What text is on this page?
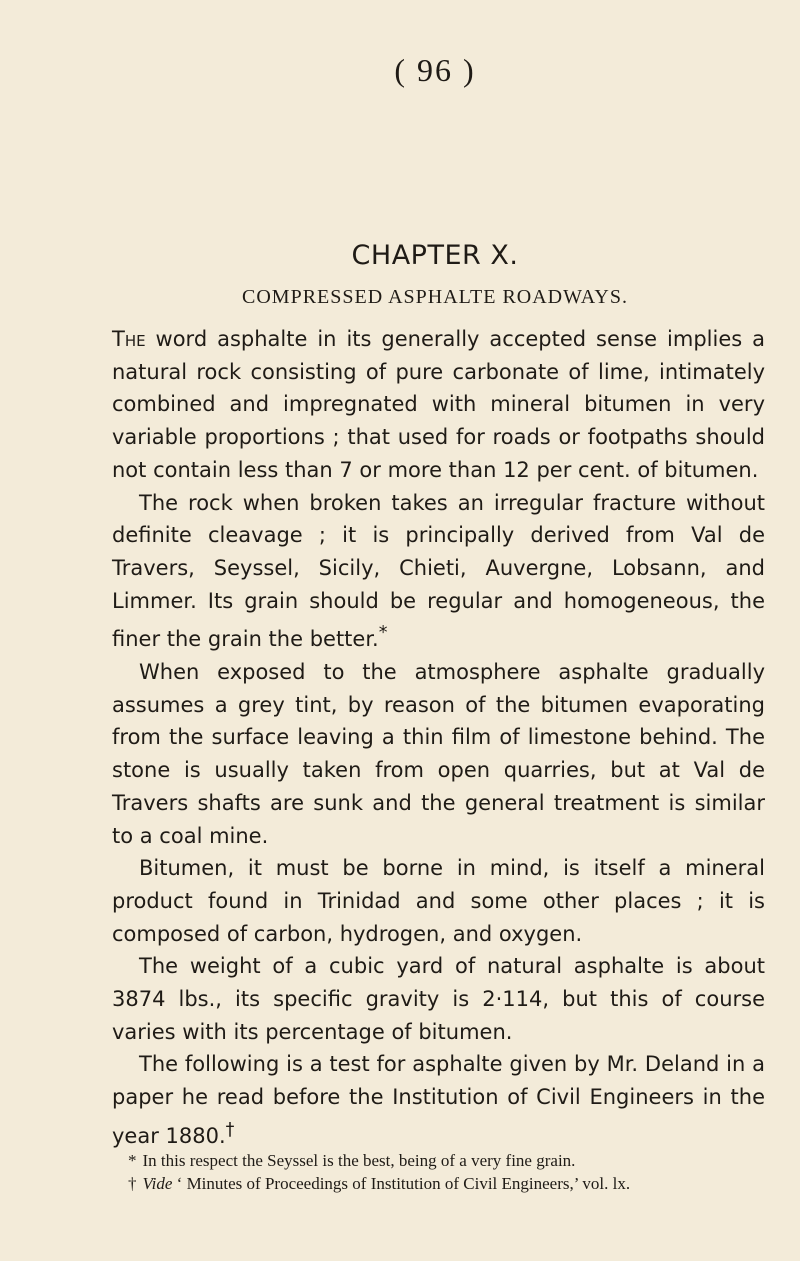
( 96 )
CHAPTER X.
COMPRESSED ASPHALTE ROADWAYS.

The word asphalte in its generally accepted sense implies a natural rock consisting of pure carbonate of lime, intimately combined and impregnated with mineral bitumen in very variable proportions ; that used for roads or footpaths should not contain less than 7 or more than 12 per cent. of bitumen.

The rock when broken takes an irregular fracture without definite cleavage ; it is principally derived from Val de Travers, Seyssel, Sicily, Chieti, Auvergne, Lobsann, and Limmer. Its grain should be regular and homogeneous, the finer the grain the better.*

When exposed to the atmosphere asphalte gradually assumes a grey tint, by reason of the bitumen evaporating from the surface leaving a thin film of limestone behind. The stone is usually taken from open quarries, but at Val de Travers shafts are sunk and the general treatment is similar to a coal mine.

Bitumen, it must be borne in mind, is itself a mineral product found in Trinidad and some other places ; it is composed of carbon, hydrogen, and oxygen.

The weight of a cubic yard of natural asphalte is about 3874 lbs., its specific gravity is 2·114, but this of course varies with its percentage of bitumen.

The following is a test for asphalte given by Mr. Deland in a paper he read before the Institution of Civil Engineers in the year 1880.†

* In this respect the Seyssel is the best, being of a very fine grain.

† Vide ‘ Minutes of Proceedings of Institution of Civil Engineers,’ vol. lx.
